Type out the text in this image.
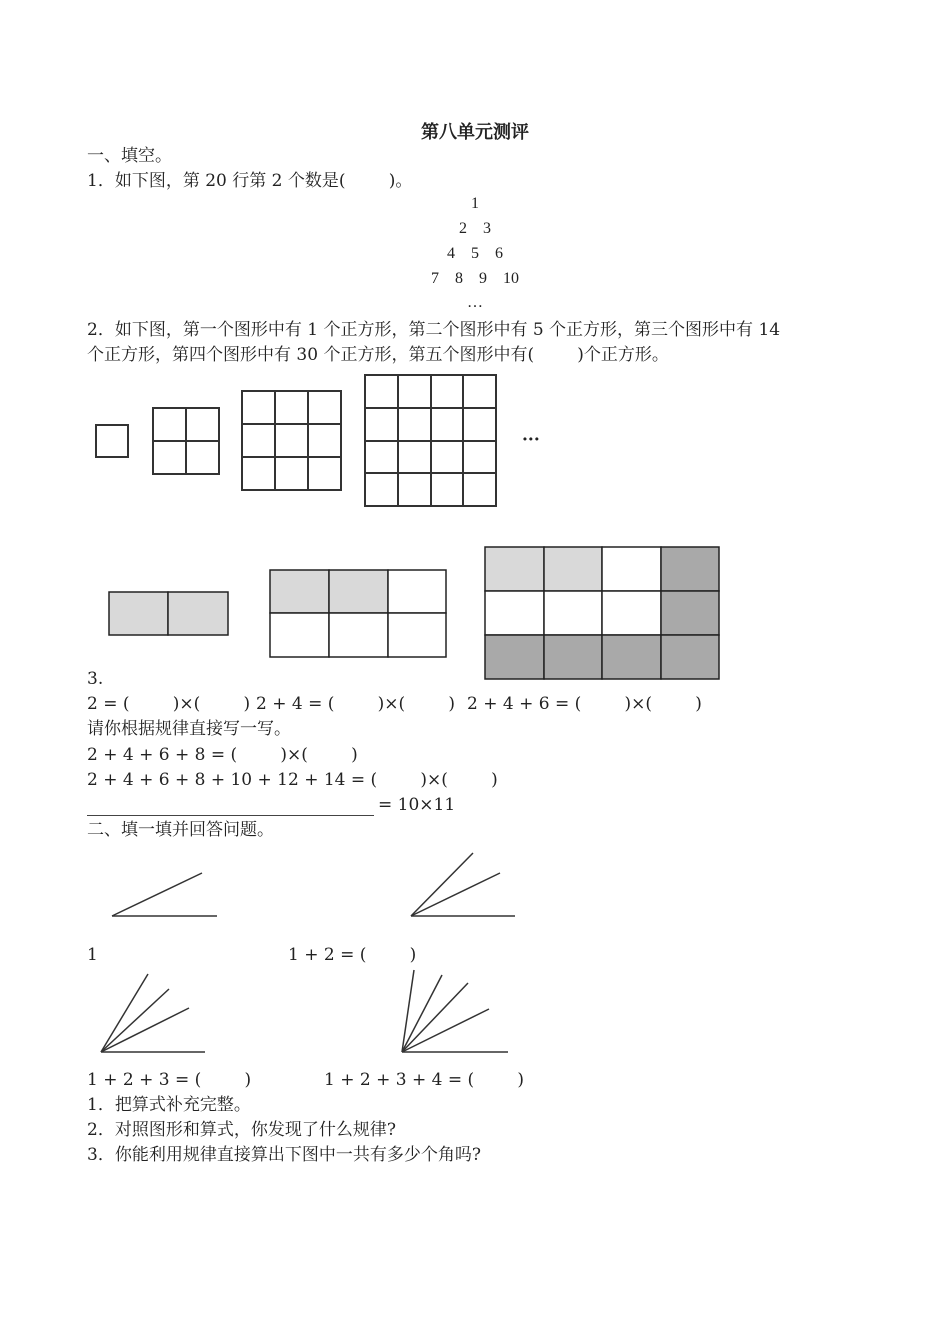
第八单元测评
一、填空。
1．如下图，第 20 行第 2 个数是(        )。
1
2    3
4    5    6
7    8    9    10
…
2．如下图，第一个图形中有 1 个正方形，第二个图形中有 5 个正方形，第三个图形中有 14
个正方形，第四个图形中有 30 个正方形，第五个图形中有(        )个正方形。
···
3.
2 = (        )×(        ) 2 + 4 = (        )×(        ) 2 + 4 + 6 = (        )×(        )
请你根据规律直接写一写。
2 + 4 + 6 + 8 = (        )×(        )
2 + 4 + 6 + 8 + 10 + 12 + 14 = (        )×(        )
= 10×11
二、填一填并回答问题。
1	1 + 2 = (        )
1 + 2 + 3 = (        )	1 + 2 + 3 + 4 = (        )
1．把算式补充完整。
2．对照图形和算式，你发现了什么规律?
3．你能利用规律直接算出下图中一共有多少个角吗?
